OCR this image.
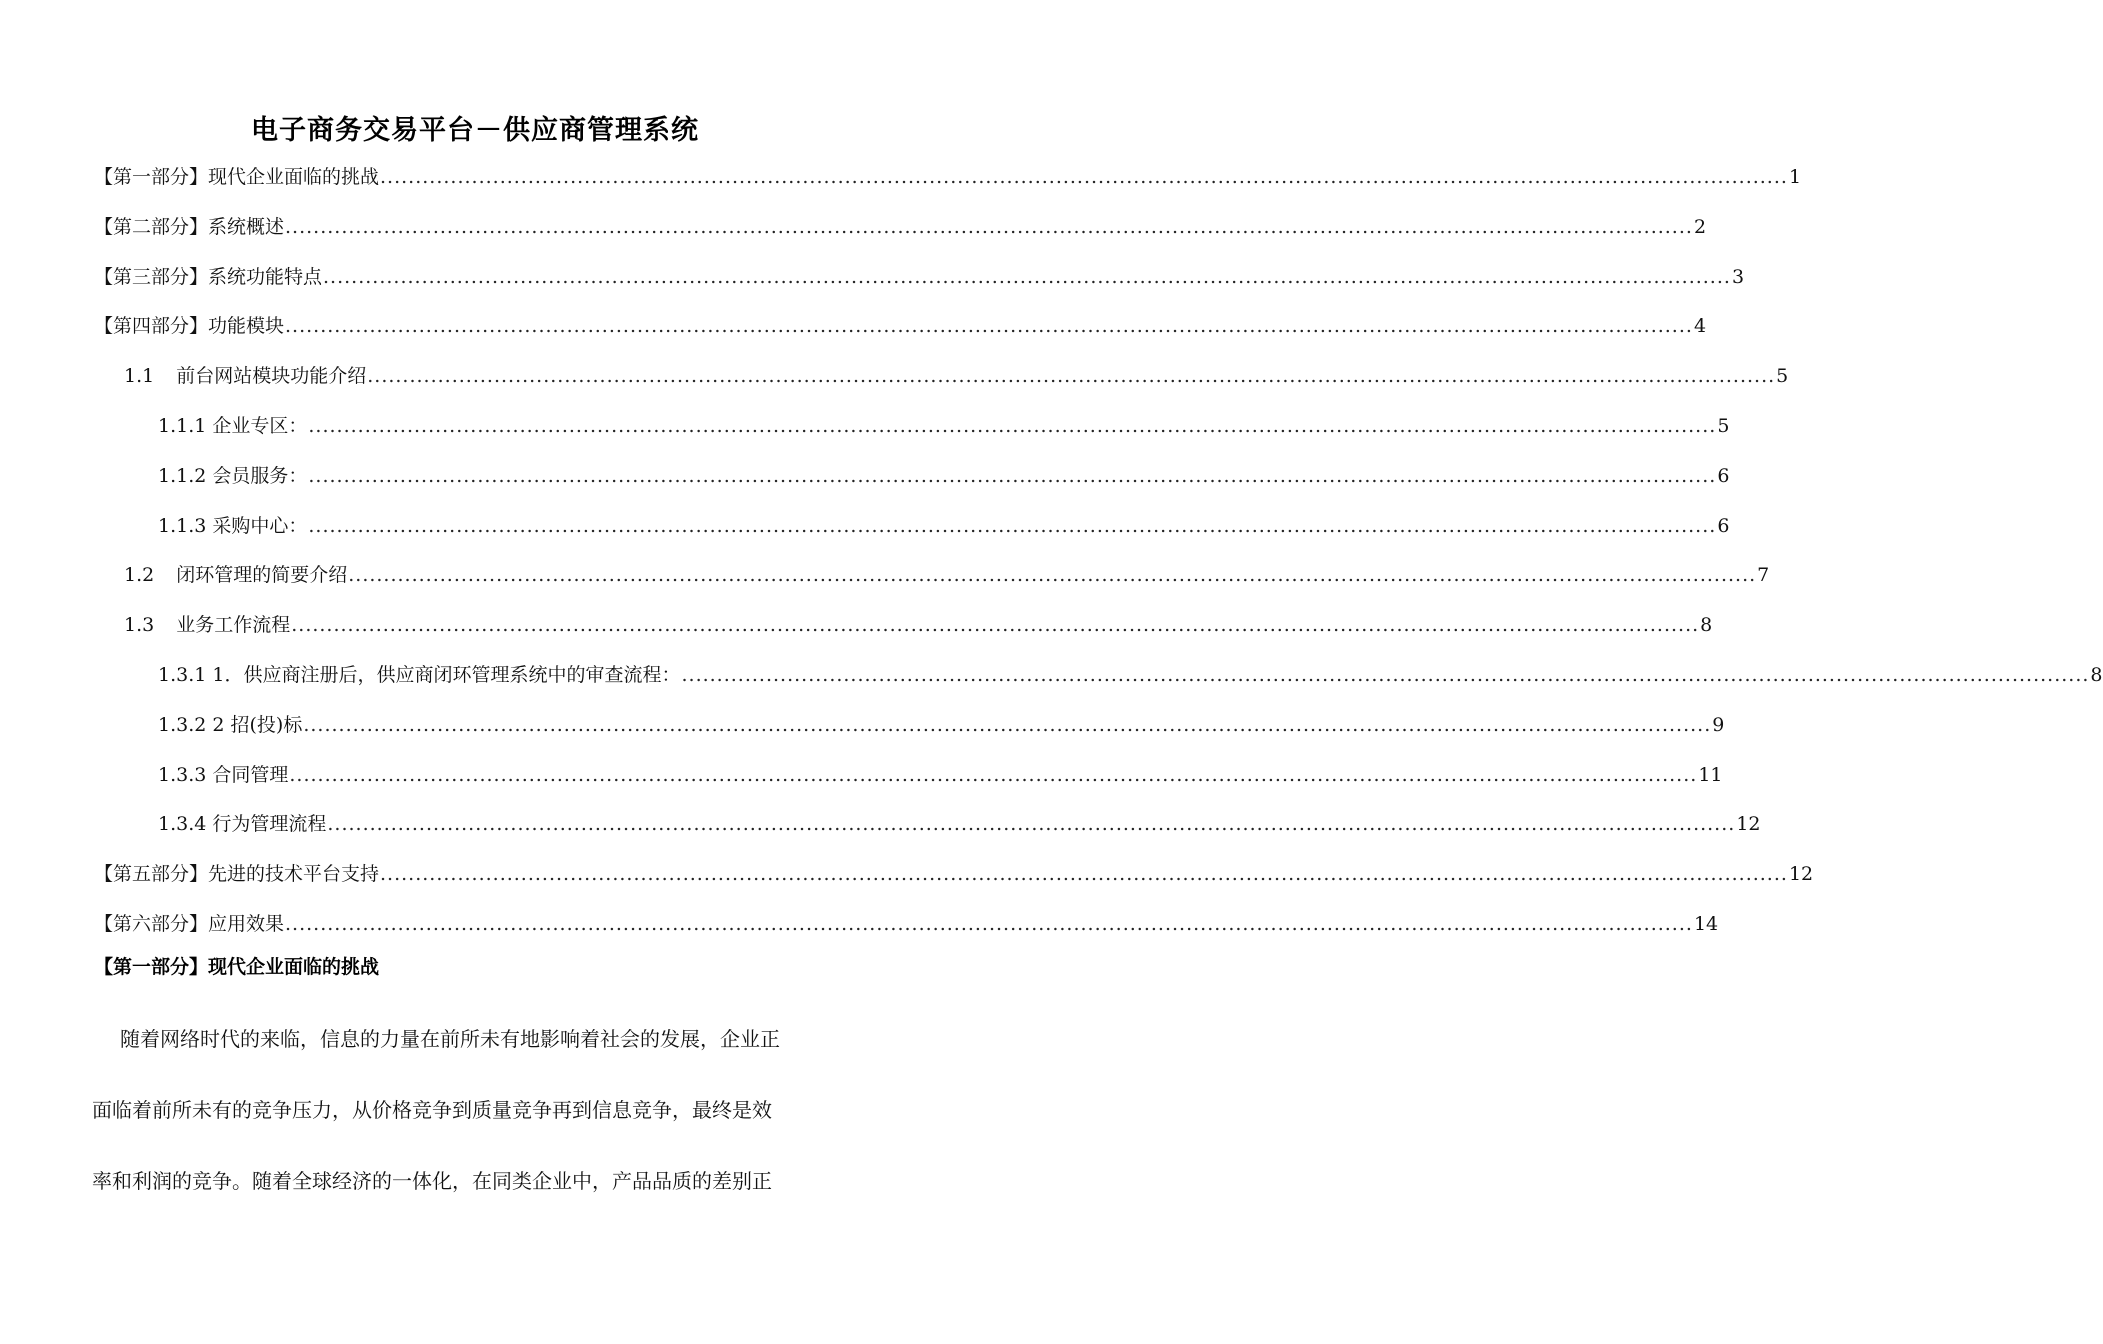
电子商务交易平台－供应商管理系统
【第一部分】现代企业面临的挑战 ........................................................................................................................................................................................................ 1
【第二部分】系统概述 ........................................................................................................................................................................................................ 2
【第三部分】系统功能特点 ........................................................................................................................................................................................................ 3
【第四部分】功能模块 ........................................................................................................................................................................................................ 4
1.1 前台网站模块功能介绍 ........................................................................................................................................................................................................ 5
1.1.1 企业专区： ........................................................................................................................................................................................................ 5
1.1.2 会员服务： ........................................................................................................................................................................................................ 6
1.1.3 采购中心： ........................................................................................................................................................................................................ 6
1.2 闭环管理的简要介绍 ........................................................................................................................................................................................................ 7
1.3 业务工作流程 ........................................................................................................................................................................................................ 8
1.3.1 1．供应商注册后，供应商闭环管理系统中的审查流程： ........................................................................................................................................................................................................ 8
1.3.2 2 招(投)标 ........................................................................................................................................................................................................ 9
1.3.3 合同管理 ........................................................................................................................................................................................................ 11
1.3.4 行为管理流程 ........................................................................................................................................................................................................ 12
【第五部分】先进的技术平台支持 ........................................................................................................................................................................................................ 12
【第六部分】应用效果 ........................................................................................................................................................................................................ 14
【第一部分】现代企业面临的挑战
随着网络时代的来临，信息的力量在前所未有地影响着社会的发展，企业正
面临着前所未有的竞争压力，从价格竞争到质量竞争再到信息竞争，最终是效
率和利润的竞争。随着全球经济的一体化，在同类企业中，产品品质的差别正
